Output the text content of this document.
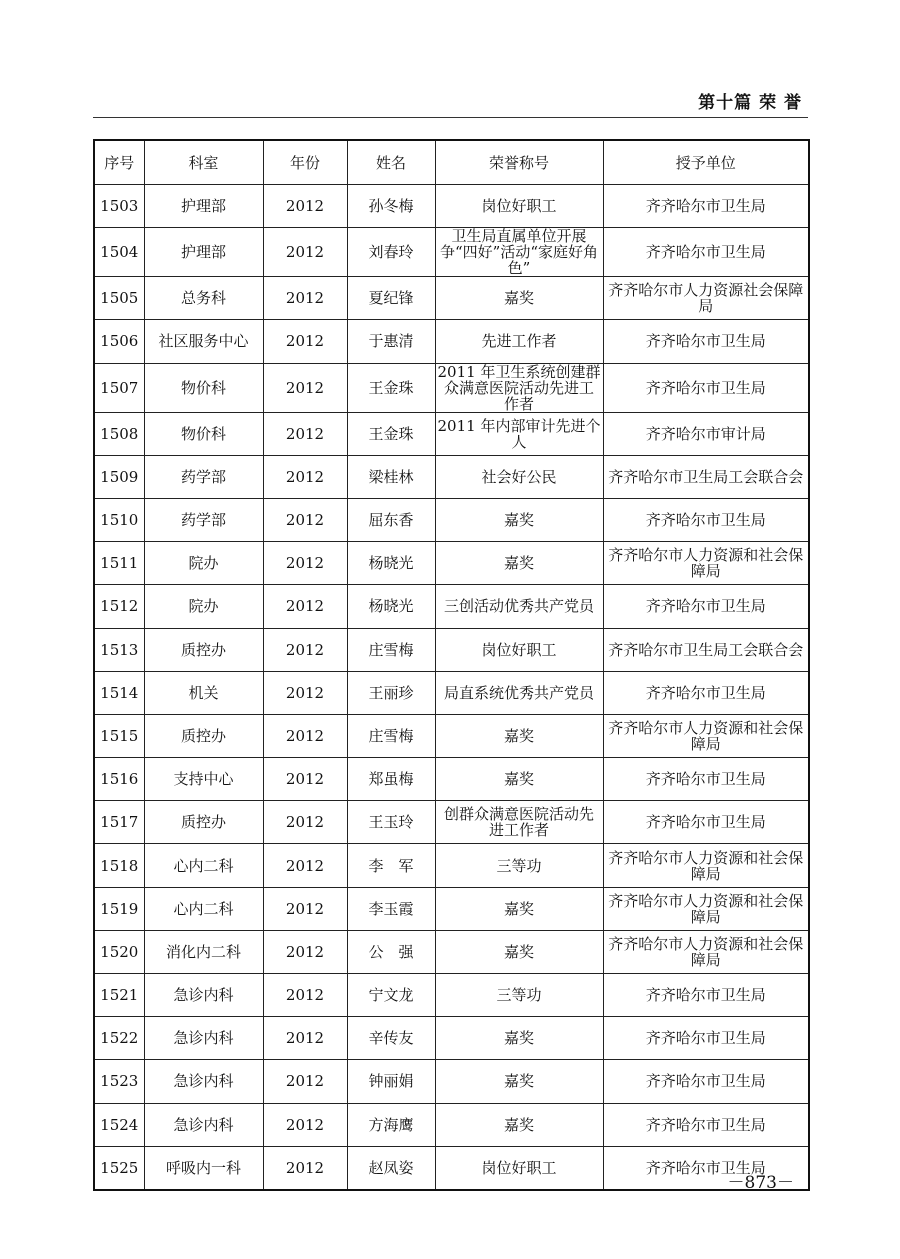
第十篇 荣 誉
序号	科室	年份	姓名	荣誉称号	授予单位
1503	护理部	2012	孙冬梅	岗位好职工	齐齐哈尔市卫生局
1504	护理部	2012	刘春玲	卫生局直属单位开展争“四好”活动“家庭好角色”	齐齐哈尔市卫生局
1505	总务科	2012	夏纪锋	嘉奖	齐齐哈尔市人力资源社会保障局
1506	社区服务中心	2012	于惠清	先进工作者	齐齐哈尔市卫生局
1507	物价科	2012	王金珠	2011 年卫生系统创建群众满意医院活动先进工作者	齐齐哈尔市卫生局
1508	物价科	2012	王金珠	2011 年内部审计先进个人	齐齐哈尔市审计局
1509	药学部	2012	梁桂林	社会好公民	齐齐哈尔市卫生局工会联合会
1510	药学部	2012	屈东香	嘉奖	齐齐哈尔市卫生局
1511	院办	2012	杨晓光	嘉奖	齐齐哈尔市人力资源和社会保障局
1512	院办	2012	杨晓光	三创活动优秀共产党员	齐齐哈尔市卫生局
1513	质控办	2012	庄雪梅	岗位好职工	齐齐哈尔市卫生局工会联合会
1514	机关	2012	王丽珍	局直系统优秀共产党员	齐齐哈尔市卫生局
1515	质控办	2012	庄雪梅	嘉奖	齐齐哈尔市人力资源和社会保障局
1516	支持中心	2012	郑虽梅	嘉奖	齐齐哈尔市卫生局
1517	质控办	2012	王玉玲	创群众满意医院活动先进工作者	齐齐哈尔市卫生局
1518	心内二科	2012	李　军	三等功	齐齐哈尔市人力资源和社会保障局
1519	心内二科	2012	李玉霞	嘉奖	齐齐哈尔市人力资源和社会保障局
1520	消化内二科	2012	公　强	嘉奖	齐齐哈尔市人力资源和社会保障局
1521	急诊内科	2012	宁文龙	三等功	齐齐哈尔市卫生局
1522	急诊内科	2012	辛传友	嘉奖	齐齐哈尔市卫生局
1523	急诊内科	2012	钟丽娟	嘉奖	齐齐哈尔市卫生局
1524	急诊内科	2012	方海鹰	嘉奖	齐齐哈尔市卫生局
1525	呼吸内一科	2012	赵凤姿	岗位好职工	齐齐哈尔市卫生局
－873－
